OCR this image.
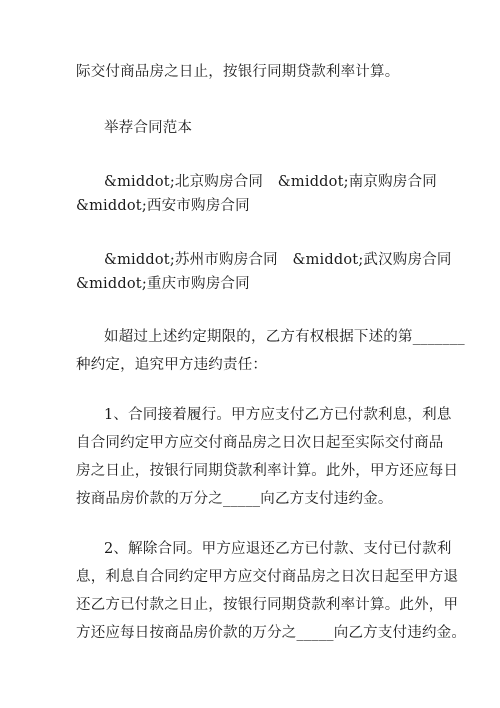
际交付商品房之日止，按银行同期贷款利率计算。
举荐合同范本
&middot;北京购房合同　&middot;南京购房合同
&middot;西安市购房合同
&middot;苏州市购房合同　&middot;武汉购房合同
&middot;重庆市购房合同
如超过上述约定期限的，乙方有权根据下述的第_______
种约定，追究甲方违约责任：
1、合同接着履行。甲方应支付乙方已付款利息，利息
自合同约定甲方应交付商品房之日次日起至实际交付商品
房之日止，按银行同期贷款利率计算。此外，甲方还应每日
按商品房价款的万分之_____向乙方支付违约金。
2、解除合同。甲方应退还乙方已付款、支付已付款利
息，利息自合同约定甲方应交付商品房之日次日起至甲方退
还乙方已付款之日止，按银行同期贷款利率计算。此外，甲
方还应每日按商品房价款的万分之_____向乙方支付违约金。
